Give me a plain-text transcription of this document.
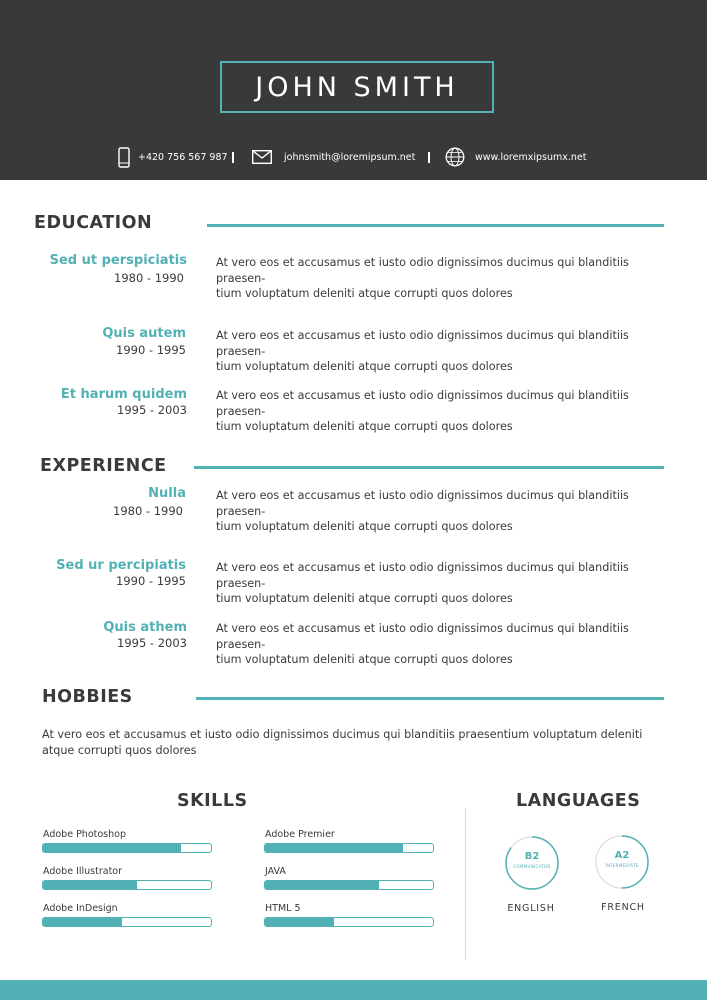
JOHN SMITH
+420 756 567 987	johnsmith@loremipsum.net	www.loremxipsumx.net
EDUCATION
Sed ut perspiciatis
1980 - 1990
At vero eos et accusamus et iusto odio dignissimos ducimus qui blanditiis praesen-
tium voluptatum deleniti atque corrupti quos dolores
Quis autem
1990 - 1995
At vero eos et accusamus et iusto odio dignissimos ducimus qui blanditiis praesen-
tium voluptatum deleniti atque corrupti quos dolores
Et harum quidem
1995 - 2003
At vero eos et accusamus et iusto odio dignissimos ducimus qui blanditiis praesen-
tium voluptatum deleniti atque corrupti quos dolores
EXPERIENCE
Nulla
1980 - 1990
At vero eos et accusamus et iusto odio dignissimos ducimus qui blanditiis praesen-
tium voluptatum deleniti atque corrupti quos dolores
Sed ur percipiatis
1990 - 1995
At vero eos et accusamus et iusto odio dignissimos ducimus qui blanditiis praesen-
tium voluptatum deleniti atque corrupti quos dolores
Quis athem
1995 - 2003
At vero eos et accusamus et iusto odio dignissimos ducimus qui blanditiis praesen-
tium voluptatum deleniti atque corrupti quos dolores
HOBBIES
At vero eos et accusamus et iusto odio dignissimos ducimus qui blanditiis praesentium voluptatum deleniti atque corrupti quos dolores
SKILLS
Adobe Photoshop	Adobe Premier
Adobe Illustrator	JAVA
Adobe InDesign	HTML 5
LANGUAGES
B2
COMMUNICATOR
ENGLISH
A2
INTERMEDIATE
FRENCH
